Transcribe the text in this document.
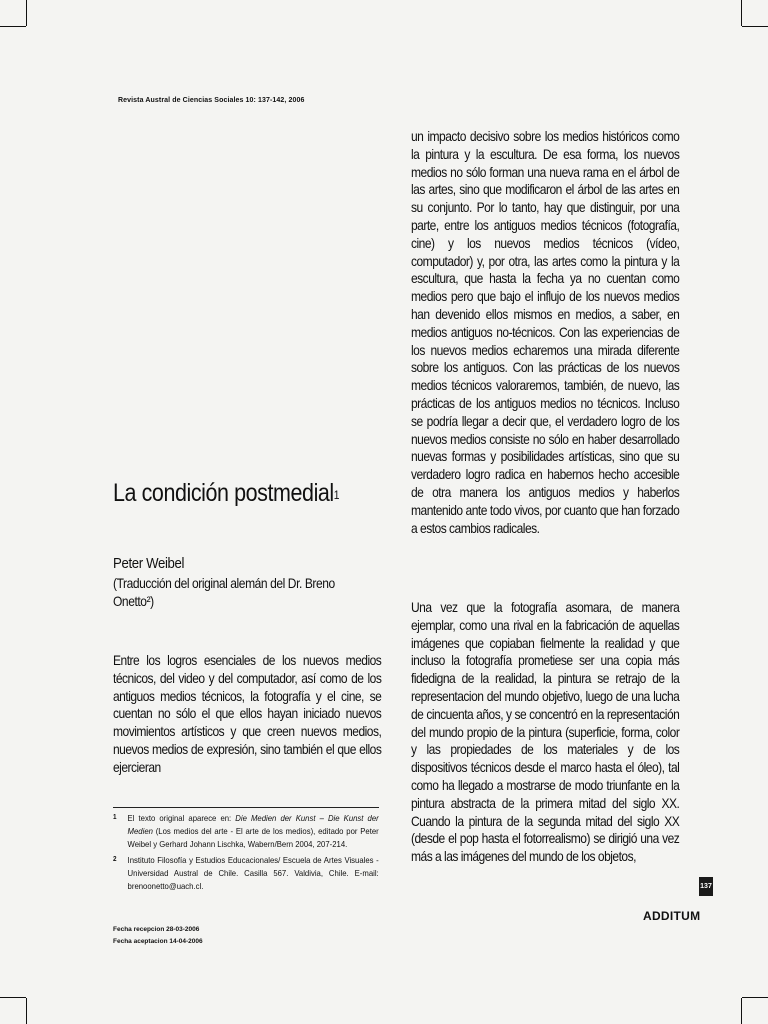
Revista Austral de Ciencias Sociales 10: 137-142, 2006
La condición postmedial$^1$
Peter Weibel

(Traducción del original alemán del Dr. Breno Onetto²)

Entre los logros esenciales de los nuevos medios técnicos, del video y del computador, así como de los antiguos medios técnicos, la fotografía y el cine, se cuentan no sólo el que ellos hayan iniciado nuevos movimientos artísticos y que creen nuevos medios, nuevos medios de expresión, sino también el que ellos ejercieran

1	El texto original aparece en: Die Medien der Kunst – Die Kunst der Medien (Los medios del arte - El arte de los medios), editado por Peter Weibel y Gerhard Johann Lischka, Wabern/Bern 2004, 207-214.
2	Instituto Filosofía y Estudios Educacionales/ Escuela de Artes Visuales - Universidad Austral de Chile. Casilla 567. Valdivia, Chile. E-mail: brenoonetto@uach.cl.
Fecha recepcion 28-03-2006
Fecha aceptacion 14-04-2006

un impacto decisivo sobre los medios históricos como la pintura y la escultura. De esa forma, los nuevos medios no sólo forman una nueva rama en el árbol de las artes, sino que modificaron el árbol de las artes en su conjunto. Por lo tanto, hay que distinguir, por una parte, entre los antiguos medios técnicos (fotografía, cine) y los nuevos medios técnicos (vídeo, computador) y, por otra, las artes como la pintura y la escultura, que hasta la fecha ya no cuentan como medios pero que bajo el influjo de los nuevos medios han devenido ellos mismos en medios, a saber, en medios antiguos no-técnicos. Con las experiencias de los nuevos medios echaremos una mirada diferente sobre los antiguos. Con las prácticas de los nuevos medios técnicos valoraremos, también, de nuevo, las prácticas de los antiguos medios no técnicos. Incluso se podría llegar a decir que, el verdadero logro de los nuevos medios consiste no sólo en haber desarrollado nuevas formas y posibilidades artísticas, sino que su verdadero logro radica en habernos hecho accesible de otra manera los antiguos medios y haberlos mantenido ante todo vivos, por cuanto que han forzado a estos cambios radicales.

Una vez que la fotografía asomara, de manera ejemplar, como una rival en la fabricación de aquellas imágenes que copiaban fielmente la realidad y que incluso la fotografía prometiese ser una copia más fidedigna de la realidad, la pintura se retrajo de la representacion del mundo objetivo, luego de una lucha de cincuenta años, y se concentró en la representación del mundo propio de la pintura (superficie, forma, color y las propiedades de los materiales y de los dispositivos técnicos desde el marco hasta el óleo), tal como ha llegado a mostrarse de modo triunfante en la pintura abstracta de la primera mitad del siglo XX. Cuando la pintura de la segunda mitad del siglo XX (desde el pop hasta el fotorrealismo) se dirigió una vez más a las imágenes del mundo de los objetos,

137
ADDITUM
